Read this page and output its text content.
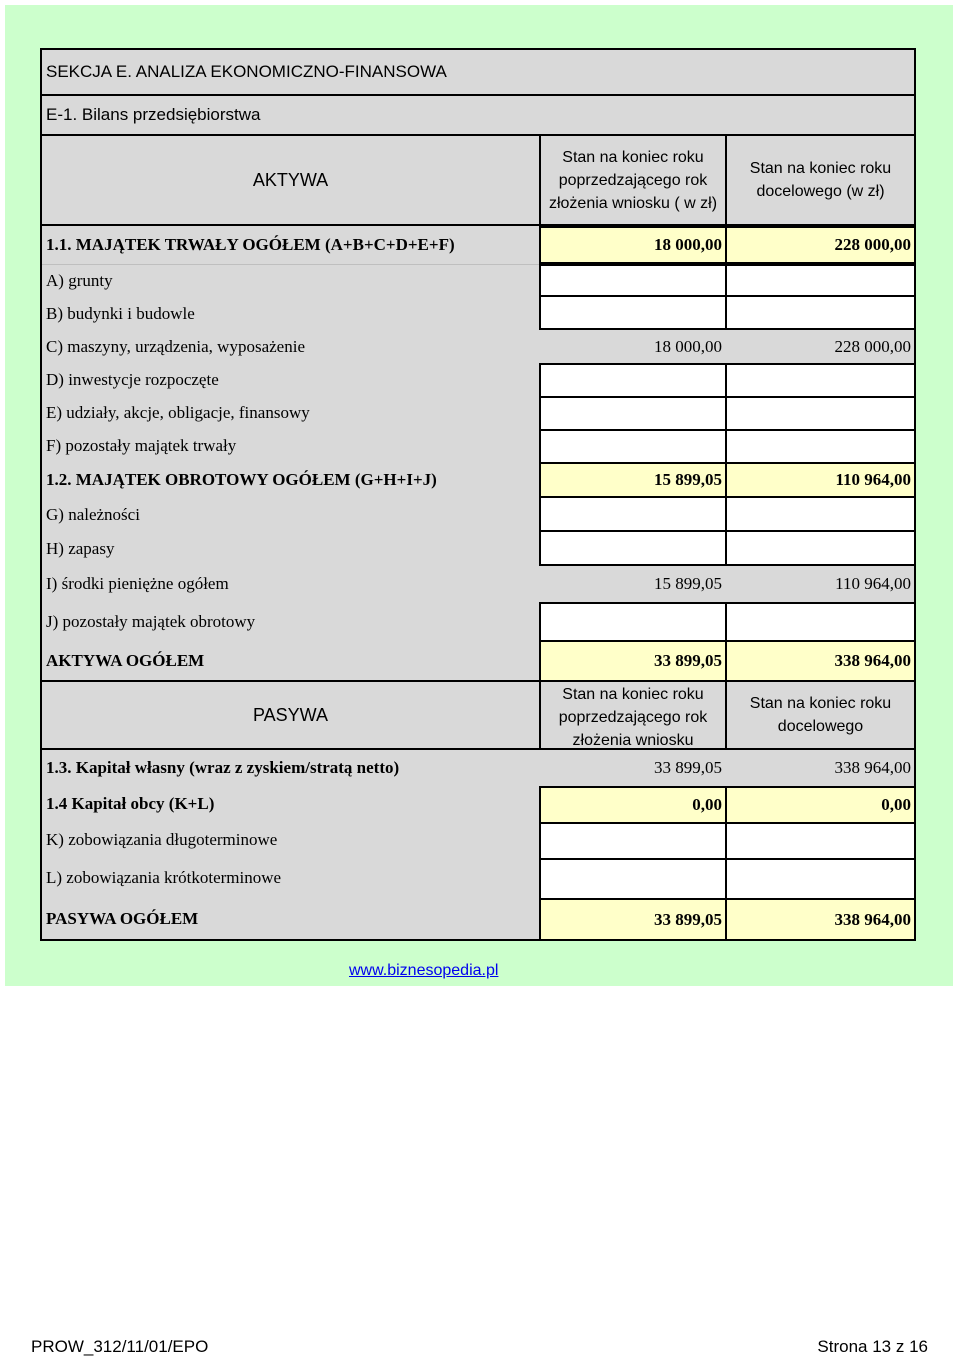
SEKCJA E. ANALIZA EKONOMICZNO-FINANSOWA
E-1. Bilans przedsiębiorstwa
AKTYWA
Stan na koniec roku
poprzedzającego rok
złożenia wniosku ( w zł)
Stan na koniec roku
docelowego (w zł)
1.1. MAJĄTEK TRWAŁY OGÓŁEM (A+B+C+D+E+F)	18 000,00	228 000,00
A) grunty
B) budynki i budowle
C) maszyny, urządzenia, wyposażenie	18 000,00	228 000,00
D) inwestycje rozpoczęte
E) udziały, akcje, obligacje, finansowy
F) pozostały majątek trwały
1.2. MAJĄTEK OBROTOWY OGÓŁEM (G+H+I+J)	15 899,05	110 964,00
G) należności
H) zapasy
I) środki pieniężne ogółem	15 899,05	110 964,00
J) pozostały majątek obrotowy
AKTYWA OGÓŁEM	33 899,05	338 964,00
PASYWA
Stan na koniec roku
poprzedzającego rok
złożenia wniosku
Stan na koniec roku
docelowego
1.3. Kapitał własny (wraz z zyskiem/stratą netto)	33 899,05	338 964,00
1.4 Kapitał obcy (K+L)	0,00	0,00
K) zobowiązania długoterminowe
L) zobowiązania krótkoterminowe
PASYWA OGÓŁEM	33 899,05	338 964,00
www.biznesopedia.pl
PROW_312/11/01/EPO	Strona 13 z 16
